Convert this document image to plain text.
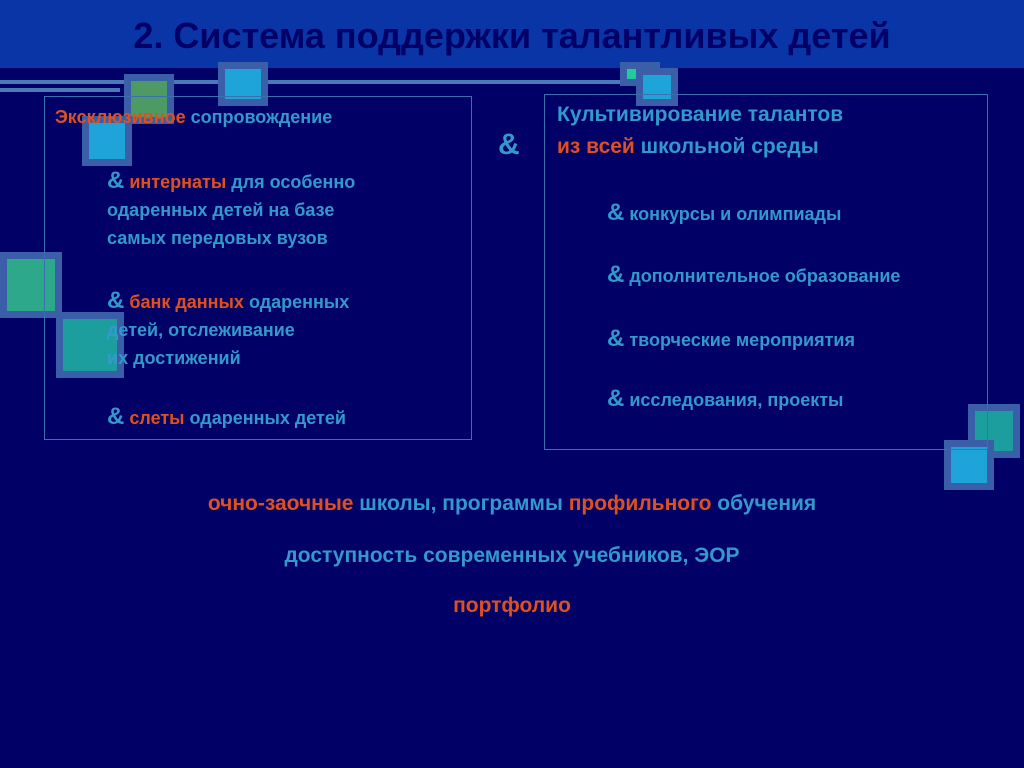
2. Система поддержки талантливых детей
Эксклюзивное сопровождение
& интернаты для особенно
одаренных детей на базе
самых передовых вузов
& банк данных одаренных
детей, отслеживание
их достижений
& слеты одаренных детей
&
Культивирование талантов
из всей школьной среды
& конкурсы и олимпиады
& дополнительное образование
& творческие мероприятия
& исследования, проекты
очно-заочные школы, программы профильного обучения
доступность современных учебников, ЭОР
портфолио
